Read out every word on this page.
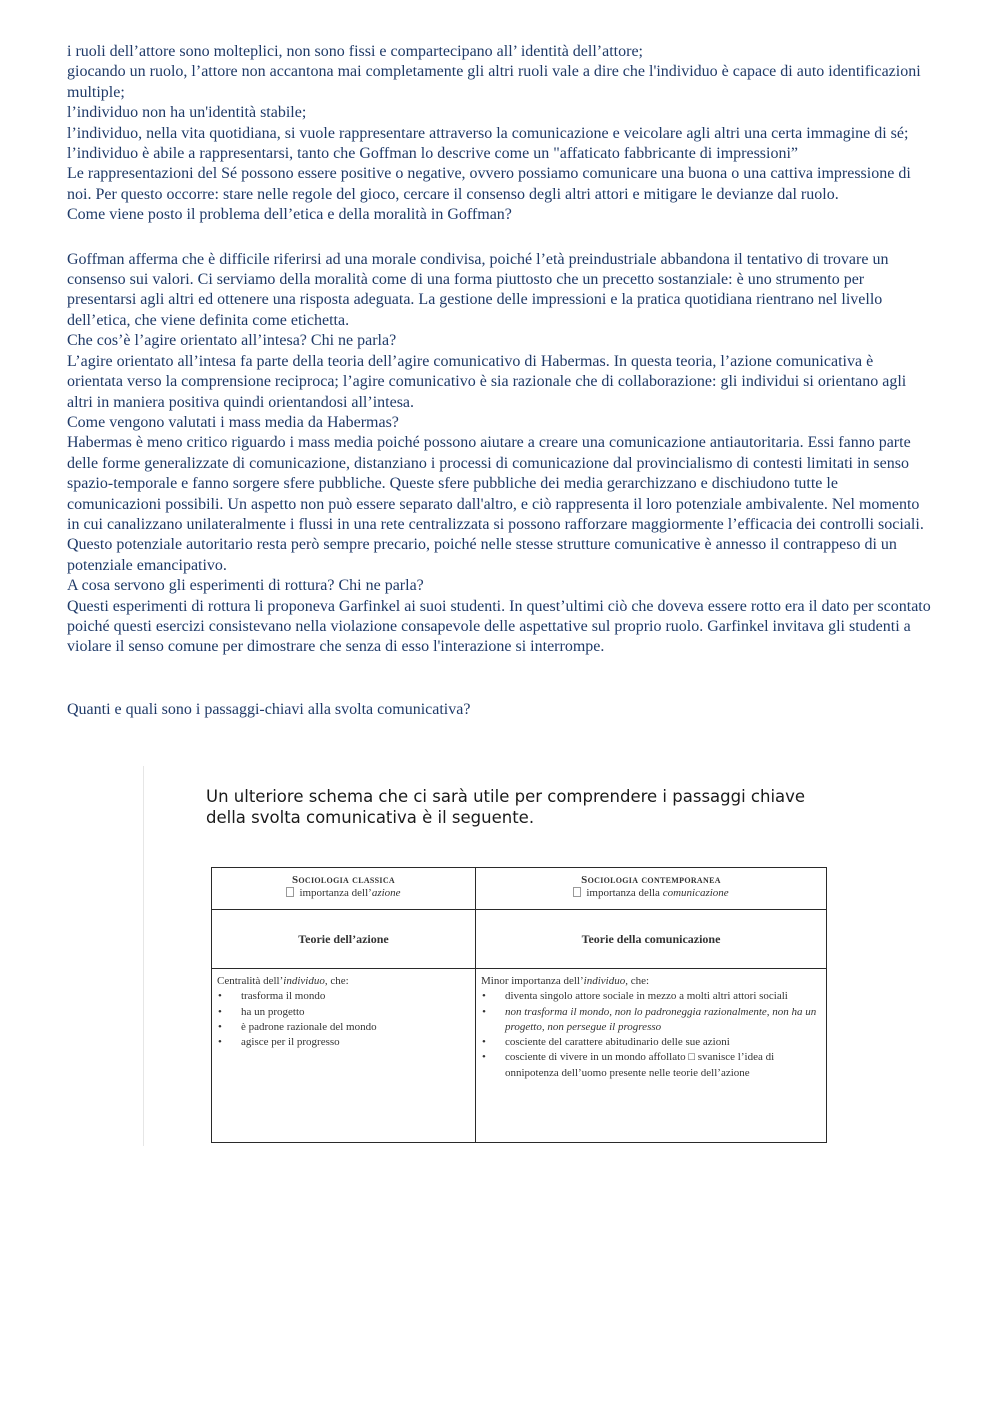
i ruoli dell’attore sono molteplici, non sono fissi e compartecipano all’ identità dell’attore;

giocando un ruolo, l’attore non accantona mai completamente gli altri ruoli vale a dire che l'individuo è capace di auto identificazioni multiple;

l’individuo non ha un'identità stabile;

l’individuo, nella vita quotidiana, si vuole rappresentare attraverso la comunicazione e veicolare agli altri una certa immagine di sé;

l’individuo è abile a rappresentarsi, tanto che Goffman lo descrive come un "affaticato fabbricante di impressioni”

Le rappresentazioni del Sé possono essere positive o negative, ovvero possiamo comunicare una buona o una cattiva impressione di noi. Per questo occorre: stare nelle regole del gioco, cercare il consenso degli altri attori e mitigare le devianze dal ruolo.

Come viene posto il problema dell’etica e della moralità in Goffman?

Goffman afferma che è difficile riferirsi ad una morale condivisa, poiché l’età preindustriale abbandona il tentativo di trovare un consenso sui valori. Ci serviamo della moralità come di una forma piuttosto che un precetto sostanziale: è uno strumento per presentarsi agli altri ed ottenere una risposta adeguata. La gestione delle impressioni e la pratica quotidiana rientrano nel livello dell’etica, che viene definita come etichetta.

Che cos’è l’agire orientato all’intesa? Chi ne parla?

L’agire orientato all’intesa fa parte della teoria dell’agire comunicativo di Habermas. In questa teoria, l’azione comunicativa è orientata verso la comprensione reciproca; l’agire comunicativo è sia razionale che di collaborazione: gli individui si orientano agli altri in maniera positiva quindi orientandosi all’intesa.

Come vengono valutati i mass media da Habermas?

Habermas è meno critico riguardo i mass media poiché possono aiutare a creare una comunicazione antiautoritaria. Essi fanno parte delle forme generalizzate di comunicazione, distanziano i processi di comunicazione dal provincialismo di contesti limitati in senso spazio-temporale e fanno sorgere sfere pubbliche. Queste sfere pubbliche dei media gerarchizzano e dischiudono tutte le comunicazioni possibili. Un aspetto non può essere separato dall'altro, e ciò rappresenta il loro potenziale ambivalente. Nel momento in cui canalizzano unilateralmente i flussi in una rete centralizzata si possono rafforzare maggiormente l’efficacia dei controlli sociali. Questo potenziale autoritario resta però sempre precario, poiché nelle stesse strutture comunicative è annesso il contrappeso di un potenziale emancipativo.

A cosa servono gli esperimenti di rottura? Chi ne parla?

Questi esperimenti di rottura li proponeva Garfinkel ai suoi studenti. In quest’ultimi ciò che doveva essere rotto era il dato per scontato poiché questi esercizi consistevano nella violazione consapevole delle aspettative sul proprio ruolo. Garfinkel invitava gli studenti a violare il senso comune per dimostrare che senza di esso l'interazione si interrompe.

Quanti e quali sono i passaggi-chiavi alla svolta comunicativa?

Un ulteriore schema che ci sarà utile per comprendere i passaggi chiave della svolta comunicativa è il seguente.
Sociologia classica
importanza dell’azione
Teorie dell’azione
Centralità dell’individuo, che:
• trasforma il mondo
• ha un progetto
• è padrone razionale del mondo
• agisce per il progresso
Sociologia contemporanea
importanza della comunicazione
Teorie della comunicazione
Minor importanza dell’individuo, che:
• diventa singolo attore sociale in mezzo a molti altri attori sociali
• non trasforma il mondo, non lo padroneggia razionalmente, non ha un progetto, non persegue il progresso
• cosciente del carattere abitudinario delle sue azioni
• cosciente di vivere in un mondo affollato □ svanisce l’idea di onnipotenza dell’uomo presente nelle teorie dell’azione
